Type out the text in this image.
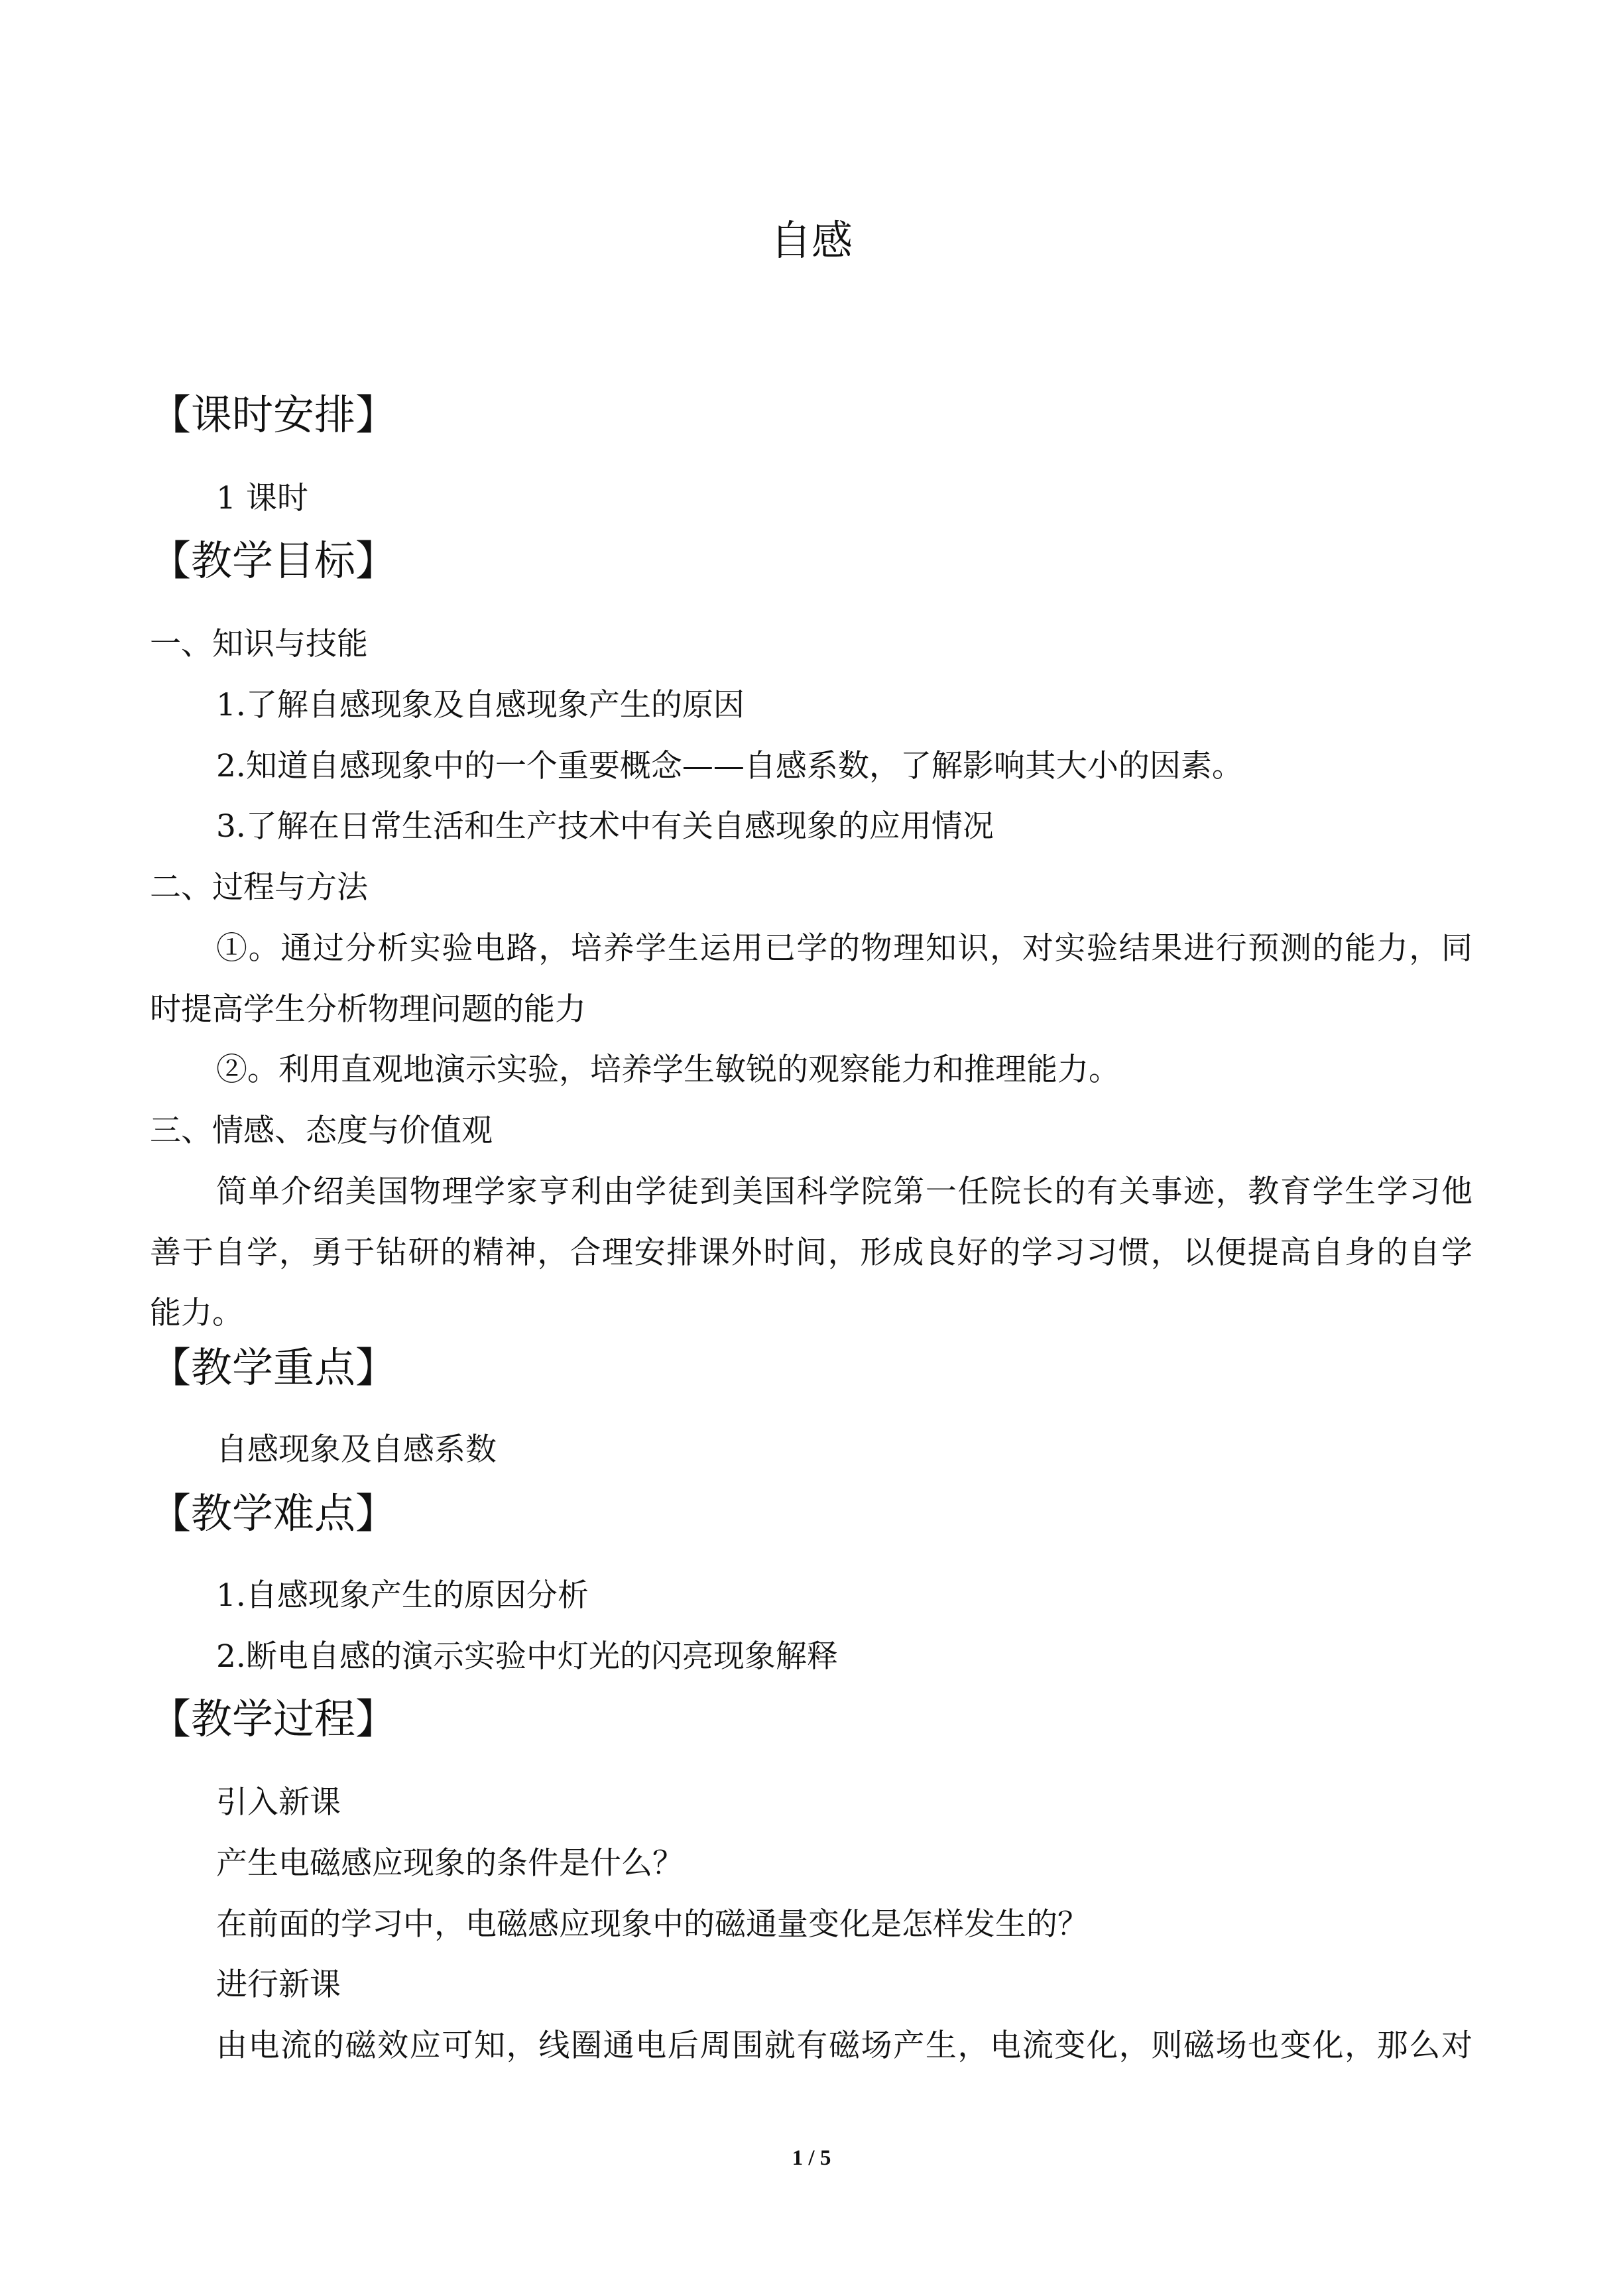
自感
【课时安排】
1 课时
【教学目标】
一、知识与技能
1.了解自感现象及自感现象产生的原因
2.知道自感现象中的一个重要概念——自感系数，了解影响其大小的因素。
3.了解在日常生活和生产技术中有关自感现象的应用情况
二、过程与方法
①。通过分析实验电路，培养学生运用已学的物理知识，对实验结果进行预测的能力，同
时提高学生分析物理问题的能力
②。利用直观地演示实验，培养学生敏锐的观察能力和推理能力。
三、情感、态度与价值观
简单介绍美国物理学家亨利由学徒到美国科学院第一任院长的有关事迹，教育学生学习他
善于自学，勇于钻研的精神，合理安排课外时间，形成良好的学习习惯，以便提高自身的自学
能力。
【教学重点】
自感现象及自感系数
【教学难点】
1.自感现象产生的原因分析
2.断电自感的演示实验中灯光的闪亮现象解释
【教学过程】
引入新课
产生电磁感应现象的条件是什么？
在前面的学习中，电磁感应现象中的磁通量变化是怎样发生的？
进行新课
由电流的磁效应可知，线圈通电后周围就有磁场产生，电流变化，则磁场也变化，那么对
1 / 5
